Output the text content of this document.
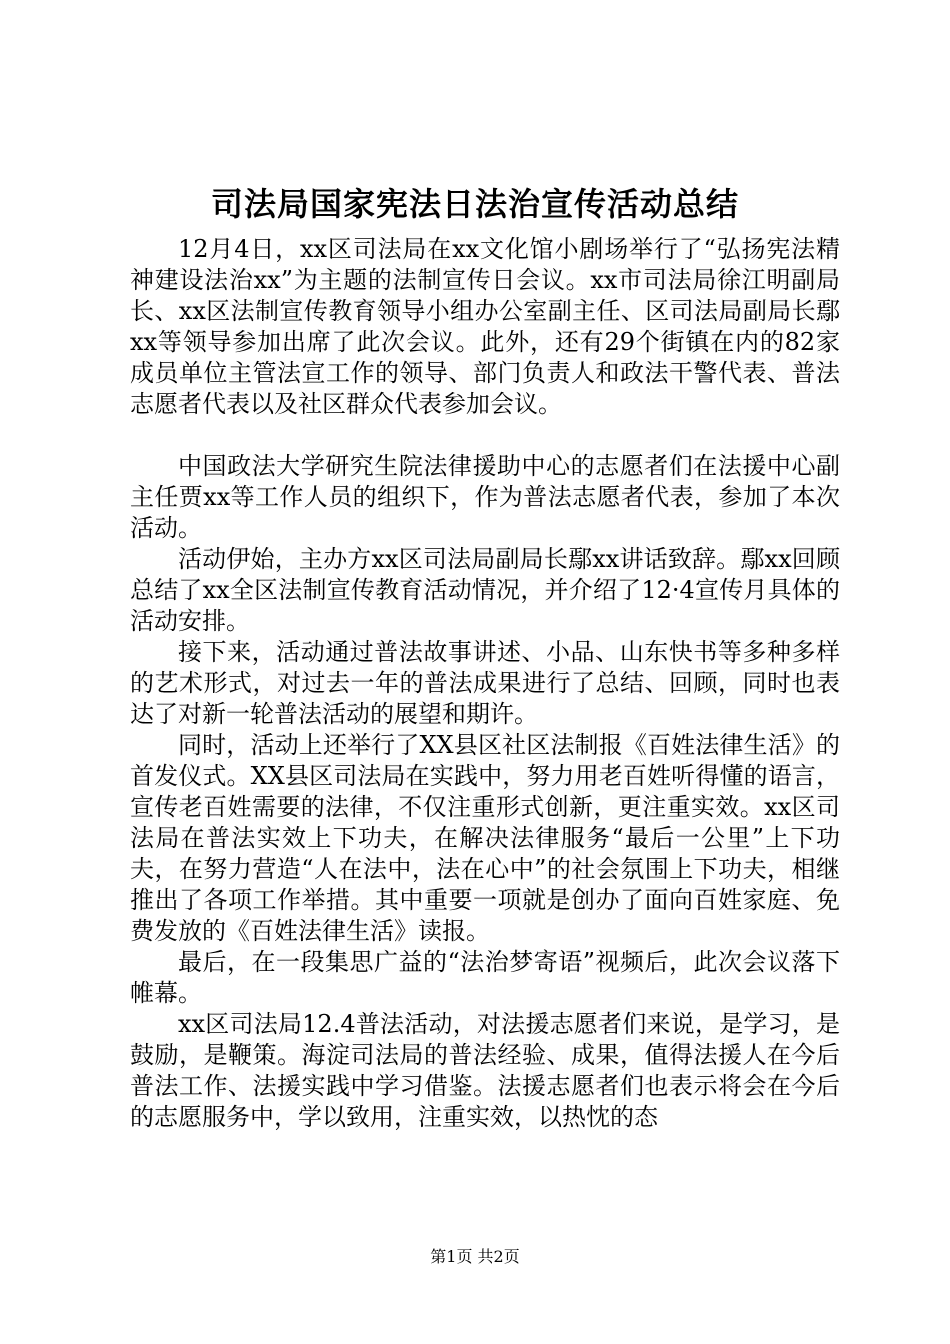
司法局国家宪法日法治宣传活动总结

12月4日，xx区司法局在xx文化馆小剧场举行了“弘扬宪法精神建设法治xx”为主题的法制宣传日会议。xx市司法局徐江明副局长、xx区法制宣传教育领导小组办公室副主任、区司法局副局长鄢xx等领导参加出席了此次会议。此外，还有29个街镇在内的82家成员单位主管法宣工作的领导、部门负责人和政法干警代表、普法志愿者代表以及社区群众代表参加会议。

中国政法大学研究生院法律援助中心的志愿者们在法援中心副主任贾xx等工作人员的组织下，作为普法志愿者代表，参加了本次活动。

活动伊始，主办方xx区司法局副局长鄢xx讲话致辞。鄢xx回顾总结了xx全区法制宣传教育活动情况，并介绍了12·4宣传月具体的活动安排。

接下来，活动通过普法故事讲述、小品、山东快书等多种多样的艺术形式，对过去一年的普法成果进行了总结、回顾，同时也表达了对新一轮普法活动的展望和期许。

同时，活动上还举行了XX县区社区法制报《百姓法律生活》的首发仪式。XX县区司法局在实践中，努力用老百姓听得懂的语言，宣传老百姓需要的法律，不仅注重形式创新，更注重实效。xx区司法局在普法实效上下功夫，在解决法律服务“最后一公里”上下功夫，在努力营造“人在法中，法在心中”的社会氛围上下功夫，相继推出了各项工作举措。其中重要一项就是创办了面向百姓家庭、免费发放的《百姓法律生活》读报。

最后，在一段集思广益的“法治梦寄语”视频后，此次会议落下帷幕。

xx区司法局12.4普法活动，对法援志愿者们来说，是学习，是鼓励，是鞭策。海淀司法局的普法经验、成果，值得法援人在今后普法工作、法援实践中学习借鉴。法援志愿者们也表示将会在今后的志愿服务中，学以致用，注重实效，以热忱的态

第1页 共2页
